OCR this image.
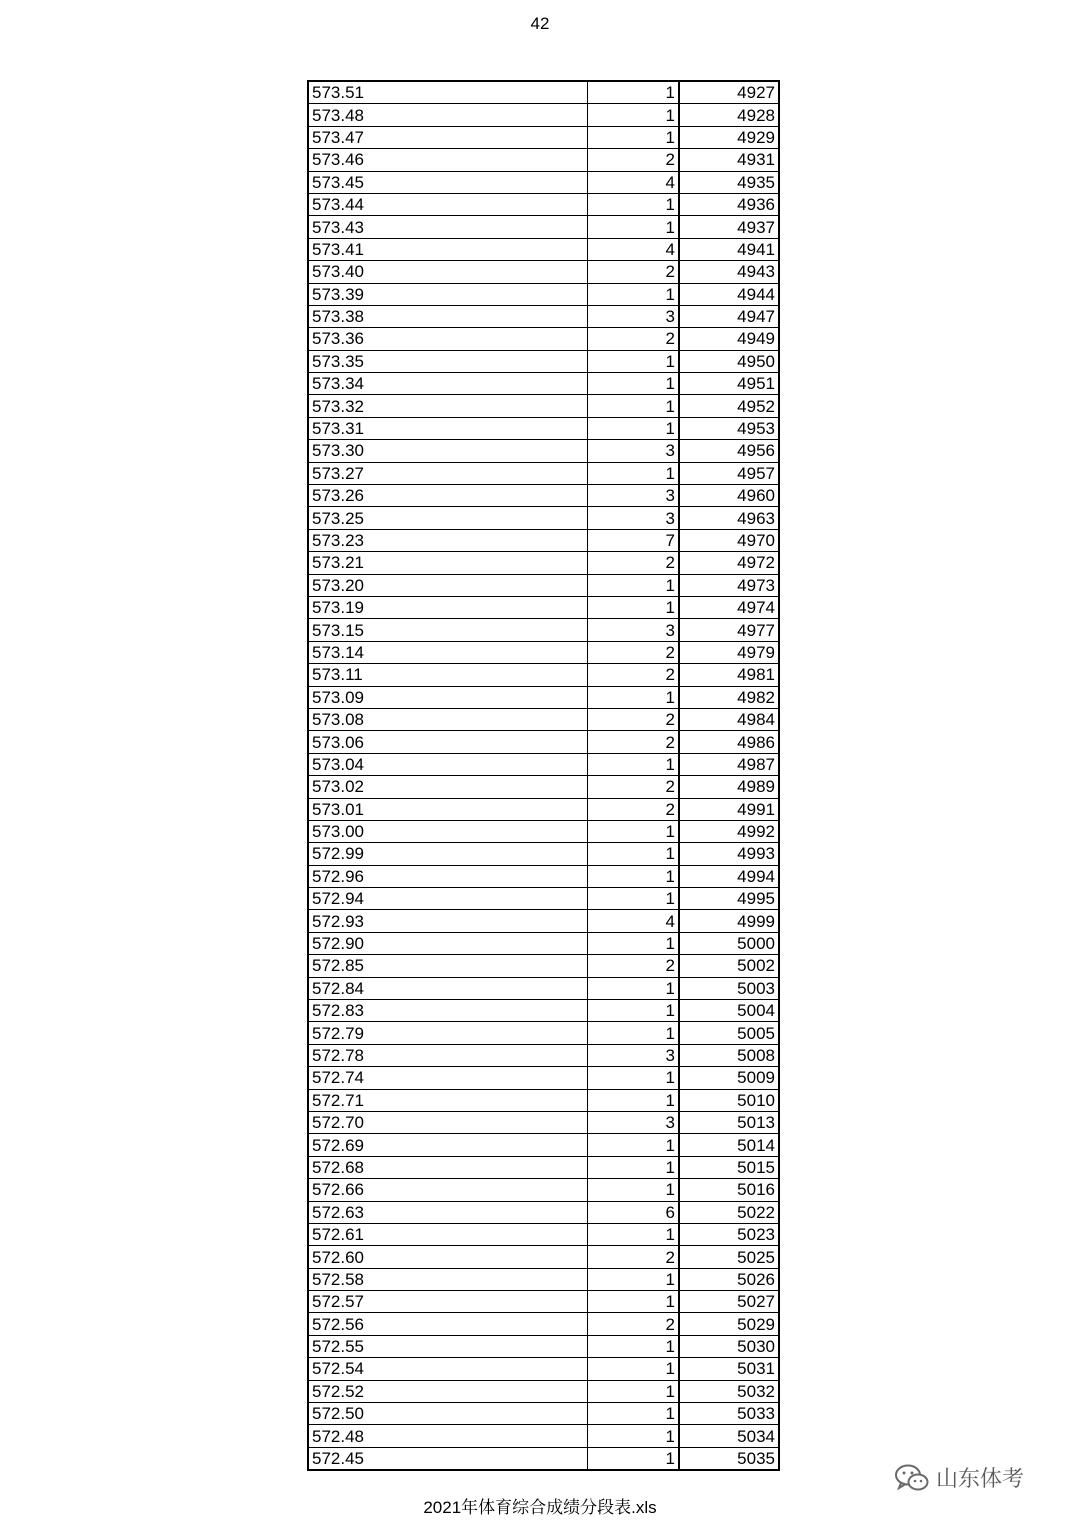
42
573.51	1	4927
573.48	1	4928
573.47	1	4929
573.46	2	4931
573.45	4	4935
573.44	1	4936
573.43	1	4937
573.41	4	4941
573.40	2	4943
573.39	1	4944
573.38	3	4947
573.36	2	4949
573.35	1	4950
573.34	1	4951
573.32	1	4952
573.31	1	4953
573.30	3	4956
573.27	1	4957
573.26	3	4960
573.25	3	4963
573.23	7	4970
573.21	2	4972
573.20	1	4973
573.19	1	4974
573.15	3	4977
573.14	2	4979
573.11	2	4981
573.09	1	4982
573.08	2	4984
573.06	2	4986
573.04	1	4987
573.02	2	4989
573.01	2	4991
573.00	1	4992
572.99	1	4993
572.96	1	4994
572.94	1	4995
572.93	4	4999
572.90	1	5000
572.85	2	5002
572.84	1	5003
572.83	1	5004
572.79	1	5005
572.78	3	5008
572.74	1	5009
572.71	1	5010
572.70	3	5013
572.69	1	5014
572.68	1	5015
572.66	1	5016
572.63	6	5022
572.61	1	5023
572.60	2	5025
572.58	1	5026
572.57	1	5027
572.56	2	5029
572.55	1	5030
572.54	1	5031
572.52	1	5032
572.50	1	5033
572.48	1	5034
572.45	1	5035
2021年体育综合成绩分段表.xls
山东体考
